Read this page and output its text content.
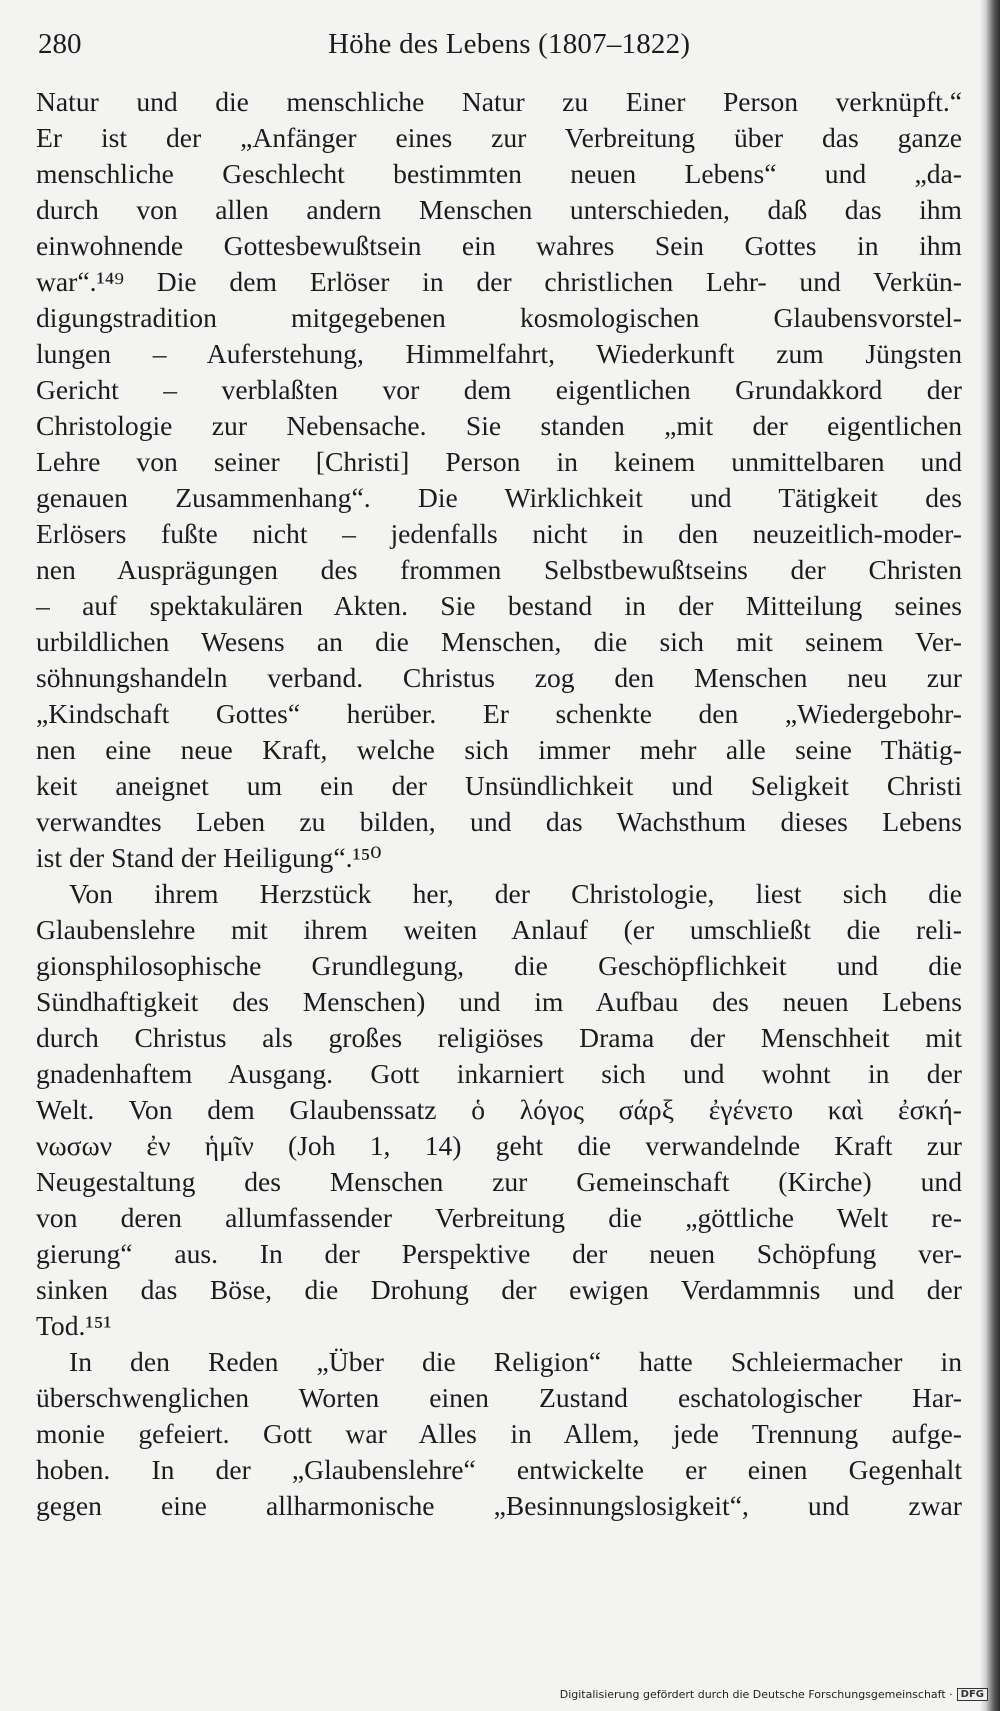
280	Höhe des Lebens (1807–1822)
Natur und die menschliche Natur zu Einer Person verknüpft.“
Er ist der „Anfänger eines zur Verbreitung über das ganze
menschliche Geschlecht bestimmten neuen Lebens“ und „da-
durch von allen andern Menschen unterschieden, daß das ihm
einwohnende Gottesbewußtsein ein wahres Sein Gottes in ihm
war“.¹⁴⁹ Die dem Erlöser in der christlichen Lehr- und Verkün-
digungstradition mitgegebenen kosmologischen Glaubensvorstel-
lungen – Auferstehung, Himmelfahrt, Wiederkunft zum Jüngsten
Gericht – verblaßten vor dem eigentlichen Grundakkord der
Christologie zur Nebensache. Sie standen „mit der eigentlichen
Lehre von seiner [Christi] Person in keinem unmittelbaren und
genauen Zusammenhang“. Die Wirklichkeit und Tätigkeit des
Erlösers fußte nicht – jedenfalls nicht in den neuzeitlich-moder-
nen Ausprägungen des frommen Selbstbewußtseins der Christen
– auf spektakulären Akten. Sie bestand in der Mitteilung seines
urbildlichen Wesens an die Menschen, die sich mit seinem Ver-
söhnungshandeln verband. Christus zog den Menschen neu zur
„Kindschaft Gottes“ herüber. Er schenkte den „Wiedergebohr-
nen eine neue Kraft, welche sich immer mehr alle seine Thätig-
keit aneignet um ein der Unsündlichkeit und Seligkeit Christi
verwandtes Leben zu bilden, und das Wachsthum dieses Lebens
ist der Stand der Heiligung“.¹⁵⁰
Von ihrem Herzstück her, der Christologie, liest sich die
Glaubenslehre mit ihrem weiten Anlauf (er umschließt die reli-
gionsphilosophische Grundlegung, die Geschöpflichkeit und die
Sündhaftigkeit des Menschen) und im Aufbau des neuen Lebens
durch Christus als großes religiöses Drama der Menschheit mit
gnadenhaftem Ausgang. Gott inkarniert sich und wohnt in der
Welt. Von dem Glaubenssatz ὁ λόγος σάρξ ἐγένετο καὶ ἐσκή-
νωσων ἐν ἡμῖν (Joh 1, 14) geht die verwandelnde Kraft zur
Neugestaltung des Menschen zur Gemeinschaft (Kirche) und
von deren allumfassender Verbreitung die „göttliche Welt re-
gierung“ aus. In der Perspektive der neuen Schöpfung ver-
sinken das Böse, die Drohung der ewigen Verdammnis und der
Tod.¹⁵¹
In den Reden „Über die Religion“ hatte Schleiermacher in
überschwenglichen Worten einen Zustand eschatologischer Har-
monie gefeiert. Gott war Alles in Allem, jede Trennung aufge-
hoben. In der „Glaubenslehre“ entwickelte er einen Gegenhalt
gegen eine allharmonische „Besinnungslosigkeit“, und zwar
Digitalisierung gefördert durch die Deutsche Forschungsgemeinschaft · DFG
